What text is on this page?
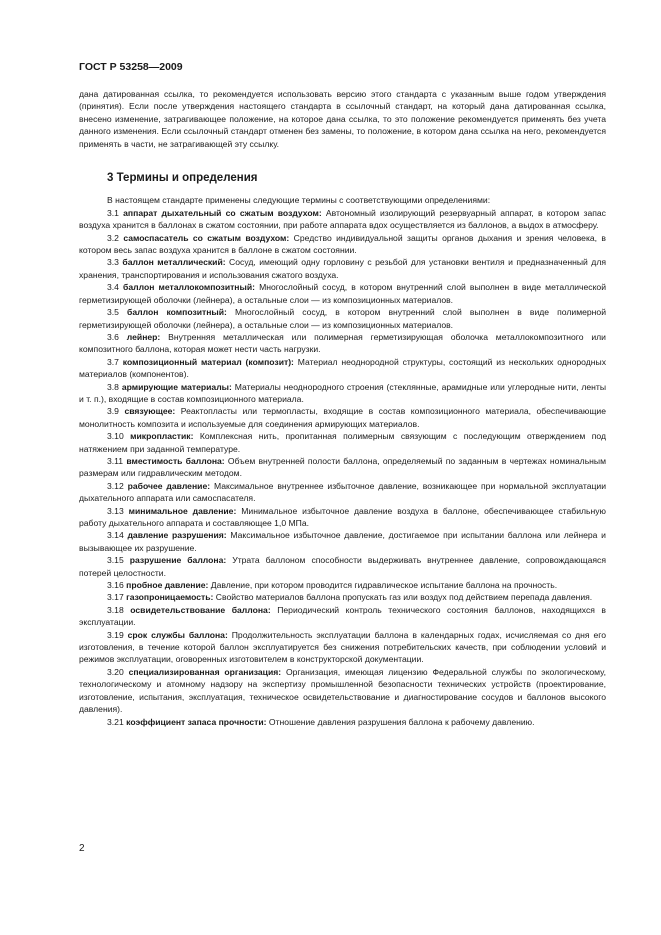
ГОСТ Р 53258—2009

дана датированная ссылка, то рекомендуется использовать версию этого стандарта с указанным выше годом утверждения (принятия). Если после утверждения настоящего стандарта в ссылочный стандарт, на который дана датированная ссылка, внесено изменение, затрагивающее положение, на которое дана ссылка, то это положение рекомендуется применять без учета данного изменения. Если ссылочный стандарт отменен без замены, то положение, в котором дана ссылка на него, рекомендуется применять в части, не затрагивающей эту ссылку.

3 Термины и определения

В настоящем стандарте применены следующие термины с соответствующими определениями:

3.1 аппарат дыхательный со сжатым воздухом: Автономный изолирующий резервуарный аппарат, в котором запас воздуха хранится в баллонах в сжатом состоянии, при работе аппарата вдох осуществляется из баллонов, а выдох в атмосферу.
3.2 самоспасатель со сжатым воздухом: Средство индивидуальной защиты органов дыхания и зрения человека, в котором весь запас воздуха хранится в баллоне в сжатом состоянии.
3.3 баллон металлический: Сосуд, имеющий одну горловину с резьбой для установки вентиля и предназначенный для хранения, транспортирования и использования сжатого воздуха.
3.4 баллон металлокомпозитный: Многослойный сосуд, в котором внутренний слой выполнен в виде металлической герметизирующей оболочки (лейнера), а остальные слои — из композиционных материалов.
3.5 баллон композитный: Многослойный сосуд, в котором внутренний слой выполнен в виде полимерной герметизирующей оболочки (лейнера), а остальные слои — из композиционных материалов.
3.6 лейнер: Внутренняя металлическая или полимерная герметизирующая оболочка металлокомпозитного или композитного баллона, которая может нести часть нагрузки.
3.7 композиционный материал (композит): Материал неоднородной структуры, состоящий из нескольких однородных материалов (компонентов).
3.8 армирующие материалы: Материалы неоднородного строения (стеклянные, арамидные или углеродные нити, ленты и т. п.), входящие в состав композиционного материала.
3.9 связующее: Реактопласты или термопласты, входящие в состав композиционного материала, обеспечивающие монолитность композита и используемые для соединения армирующих материалов.
3.10 микропластик: Комплексная нить, пропитанная полимерным связующим с последующим отверждением под натяжением при заданной температуре.
3.11 вместимость баллона: Объем внутренней полости баллона, определяемый по заданным в чертежах номинальным размерам или гидравлическим методом.
3.12 рабочее давление: Максимальное внутреннее избыточное давление, возникающее при нормальной эксплуатации дыхательного аппарата или самоспасателя.
3.13 минимальное давление: Минимальное избыточное давление воздуха в баллоне, обеспечивающее стабильную работу дыхательного аппарата и составляющее 1,0 МПа.
3.14 давление разрушения: Максимальное избыточное давление, достигаемое при испытании баллона или лейнера и вызывающее их разрушение.
3.15 разрушение баллона: Утрата баллоном способности выдерживать внутреннее давление, сопровождающаяся потерей целостности.
3.16 пробное давление: Давление, при котором проводится гидравлическое испытание баллона на прочность.
3.17 газопроницаемость: Свойство материалов баллона пропускать газ или воздух под действием перепада давления.
3.18 освидетельствование баллона: Периодический контроль технического состояния баллонов, находящихся в эксплуатации.
3.19 срок службы баллона: Продолжительность эксплуатации баллона в календарных годах, исчисляемая со дня его изготовления, в течение которой баллон эксплуатируется без снижения потребительских качеств, при соблюдении условий и режимов эксплуатации, оговоренных изготовителем в конструкторской документации.
3.20 специализированная организация: Организация, имеющая лицензию Федеральной службы по экологическому, технологическому и атомному надзору на экспертизу промышленной безопасности технических устройств (проектирование, изготовление, испытания, эксплуатация, техническое освидетельствование и диагностирование сосудов и баллонов высокого давления).
3.21 коэффициент запаса прочности: Отношение давления разрушения баллона к рабочему давлению.
2
